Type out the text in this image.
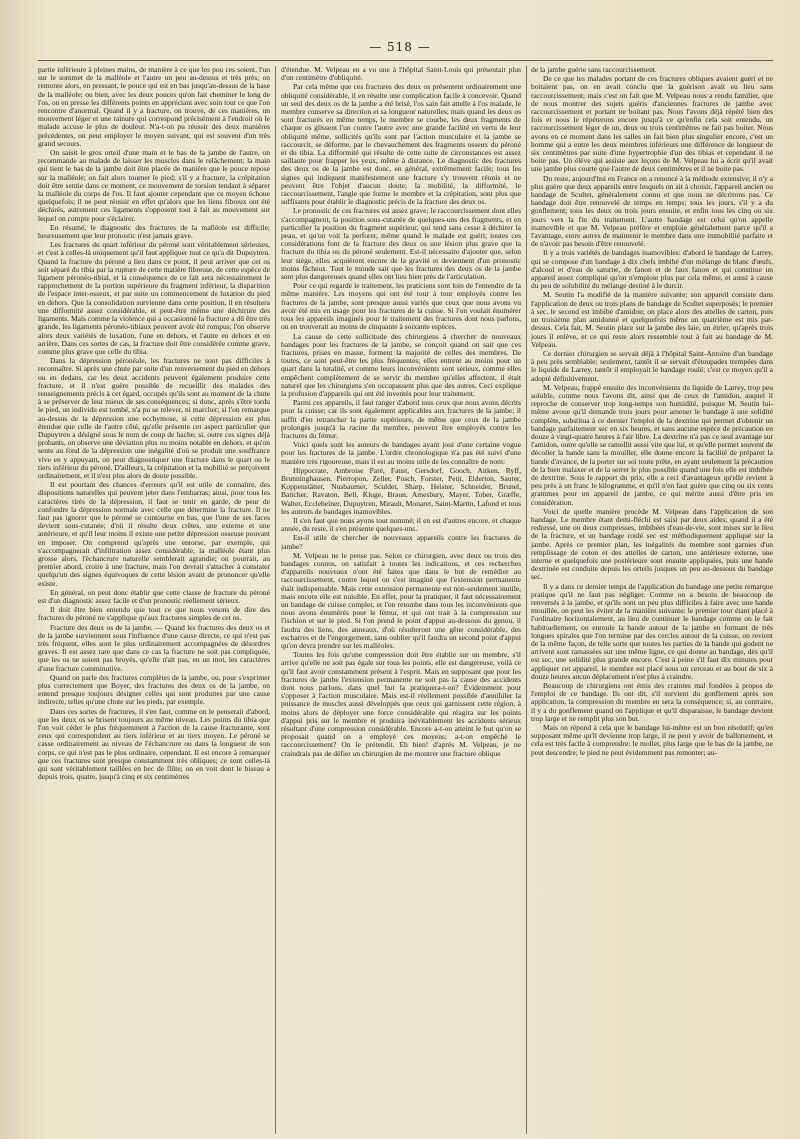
— 518 —

partie inférieure à pleines mains, de manière à ce que les pou ces soient, l'un sur le sommet de la malléole et l'autre un peu au-dessus et très près; on remonte alors, en pressant, le pouce qui est en bas jusqu'au-dessus de la base de la malléole; ou bien, avec les deux pouces qu'on fait cheminer le long de l'os, on en presse les différents points en appréciant avec soin tout ce que l'on rencontre d'anormal. Quand il y a fracture, on trouve, de ces manières, un mouvement léger et une rainure qui correspond précisément à l'endroit où le malade accuse le plus de douleur. N'a-t-on pu réussir des deux manières précédentes, on peut employer le moyen suivant, qui est souvent d'un très grand secours.

On saisit le gros orteil d'une main et le bas de la jambe de l'autre, on recommande au malade de laisser les muscles dans le relâchement; la main qui tient le bas de la jambe doit être placée de manière que le pouce repose sur la malléole; on fait alors tourner le pied; s'il y a fracture, la crépitation doit être sentie dans ce moment, ce mouvement de torsion tendant à séparer la malléole du corps de l'os. Il faut ajouter cependant que ce moyen échoue quelquefois; il ne peut réussir en effet qu'alors que les liens fibreux ont été déchirés, autrement ces ligaments s'opposent tout à fait au mouvement sur lequel on compte pour s'éclairer.

En résumé, le diagnostic des fractures de la malléole est difficile; heureusement que leur pronostic n'est jamais grave.

Les fractures du quart inférieur du péroné sont véritablement sérieuses, et c'est à celles-là uniquement qu'il faut appliquer tout ce qu'a dit Dupuytren. Quand la fracture du péroné a lieu dans ce point, il peut arriver que cet os soit séparé du tibia par la rupture de cette matière fibreuse, de cette espèce de ligament péronéo-tibial, et la conséquence de ce fait sera nécessairement le rapprochement de la portion supérieure du fragment inférieur, la disparition de l'espace inter-osseux, et par suite un commencement de luxation du pied en dehors. Que la consolidation survienne dans cette position, il en résultera une difformité assez considérable, et peut-être même une déchirure des ligaments. Mais comme la violence qui a occasionné la fracture a dû être très grande, les ligaments péronéo-tibiaux peuvent avoir été rompus; l'on observe alors deux variétés de luxation, l'une en dehors, et l'autre en dehors et en arrière. Dans ces sortes de cas, la fracture doit être considérée comme grave, comme plus grave que celle du tibia.

Dans la dépression péronéale, les fractures ne sont pas difficiles à reconnaître. Si après une chute par suite d'un renversement du pied en dehors ou en dedans, car les deux accidents peuvent également produire cette fracture, et il n'est guère possible de recueillir des malades des renseignements précis à cet égard, occupés qu'ils sont au moment de la chute à se préserver de leur mieux de ses conséquences; si donc, après s'être tordu le pied, un individu est tombé, n'a pu se relever, ni marcher; si l'on remarque au-dessus de la dépression une ecchymose, si cette dépression est plus étendue que celle de l'autre côté, qu'elle présente cet aspect particulier que Dupuytren a désigné sous le nom de coup de hache; si, outre ces signes déjà probants, on observe une déviation plus ou moins notable en dehors, et qu'on sente au fond de la dépression une inégalité d'où se produit une souffrance vive en y appuyant, on peut diagnostiquer une fracture dans le quart ou le tiers inférieur du péroné. D'ailleurs, la crépitation et la mobilité se perçoivent ordinairement, et il n'est plus alors de doute possible.

Il est pourtant des chances d'erreurs qu'il est utile de connaître, des dispositions naturelles qui peuvent jeter dans l'embarras; ainsi, pour tous les caractères tirés de la dépression, il faut se tenir en garde, de peur de confondre la dépression normale avec celle que détermine la fracture. Il ne faut pas ignorer que le péroné se contourne en bas, que l'une de ses faces devient sous-cutanée; d'où il résulte deux crêtes, une externe et une antérieure, et qu'il leur moins il existe une petite dépression osseuse pouvant en imposer. On comprend qu'après une entorse, par exemple, qui s'accompagnerait d'infiltration assez considérable, la malléole étant plus grosse alors, l'échancrure naturelle semblerait agrandie; on pourrait, au premier abord, croire à une fracture, mais l'on devrait s'attacher à constater quelqu'un des signes équivoques de cette lésion avant de prononcer qu'elle existe.

En général, on peut donc établir que cette classe de fracture du péroné est d'un diagnostic assez facile et d'un pronostic réellement sérieux.

Il doit être bien entendu que tout ce que nous venons de dire des fractures du péroné ne s'applique qu'aux fractures simples de cet os.

Fracture des deux os de la jambe. — Quand les fractures des deux os et de la jambe surviennent sous l'influence d'une cause directe, ce qui n'est pas très fréquent, elles sont le plus ordinairement accompagnées de désordres graves. Il est assez rare que dans ce cas la fracture ne soit pas compliquée, que les os ne soient pas broyés, qu'elle n'ait pas, en un mot, les caractères d'une fracture comminutive.

Quand on parle des fractures complètes de la jambe, ou, pour s'exprimer plus correctement que Boyer, des fractures des deux os de la jambe, on entend presque toujours désigner celles qui sont produites par une cause indirecte, telles qu'une chute sur les pieds, par exemple.

Dans ces sortes de fractures, il s'en faut, comme on le penserait d'abord, que les deux os se brisent toujours au même niveau. Les points du tibia que l'on voit céder le plus fréquemment à l'action de la cause fracturante, sont ceux qui correspondent au tiers inférieur et au tiers moyen. Le péroné se casse ordinairement au niveau de l'échancrure ou dans la longueur de son corps, ce qui n'est pas le plus ordinaire, cependant. Il est encore à remarquer que ces fractures sont presque constamment très obliques; ce sont celles-là qui sont véritablement taillées en bec de flûte; on en voit dont le biseau a depuis trois, quatre, jusqu'à cinq et six centimètres

d'étendue. M. Velpeau en a vu une à l'hôpital Saint-Louis qui présentait plus d'un centimètre d'obliquité.

Par cela même que ces fractures des deux os présentent ordinairement une obliquité considérable, il en résulte une complication facile à concevoir. Quand un seul des deux os de la jambe a été brisé, l'os sain fait attelle à l'os malade, le membre conserve sa direction et sa longueur naturelles; mais quand les deux os sont fracturés en même temps, le membre se courbe, les deux fragments de chaque os glissent l'un contre l'autre avec une grande facilité en vertu de leur obliquité même, sollicités qu'ils sont par l'action musculaire et la jambe se raccourcit, se déforme, par le chevauchement des fragments osseux du péroné et du tibia. La difformité qui résulte de cette suite de circonstances est assez saillante pour frapper les yeux, même à distance. Le diagnostic des fractures des deux os de la jambe est donc, en général, extrêmement facile; tous les signes qui indiquent manifestement une fracture s'y trouvent réunis et ne peuvent être l'objet d'aucun doute; la mobilité, la difformité, le raccourcissement, l'angle que forme le membre et la crépitation, sont plus que suffisants pour établir le diagnostic précis de la fracture des deux os.

Le pronostic de ces fractures est assez grave; le raccourcissement dont elles s'accompagnent, la position sous-cutanée de quelques-uns des fragments, et en particulier la position du fragment supérieur, qui tend sans cesse à déchirer la peau, et qu'on voit la perforer, même quand le malade est guéri; toutes ces considérations font de la fracture des deux os une lésion plus grave que la fracture du tibia ou du péroné seulement. Est-il nécessaire d'ajouter que, selon leur siège, elles acquièrent encore de la gravité et deviennent d'un pronostic moins fâcheux. Tout le monde sait que les fractures des deux os de la jambe sont plus dangereuses quand elles ont lieu bien près de l'articulation.

Pour ce qui regarde le traitement, les praticiens sont loin de l'entendre de la même manière. Les moyens qui ont été tour à tour employés contre les fractures de la jambe, sont presque aussi variés que ceux que nous avons vu avoir été mis en usage pour les fractures de la cuisse. Si l'on voulait énumérer tous les appareils imaginés pour le traitement des fractures dont nous parlons, on en trouverait au moins de cinquante à soixante espèces.

La cause de cette sollicitude des chirurgiens à chercher de nouveaux bandages pour les fractures de la jambe, se conçoit quand on sait que ces fractures, prises en masse, forment la majorité de celles des membres. De toutes, ce sont peut-être les plus fréquentes; elles entrent au moins pour un quart dans la totalité, et comme leurs inconvénients sont sérieux, comme elles empêchent complètement de se servir du membre qu'elles affectent, il était naturel que les chirurgiens s'en occupassent plus que des autres. Ceci explique la profusion d'appareils qui ont été inventés pour leur traitement.

Parmi ces appareils, il faut ranger d'abord tous ceux que nous avons décrits pour la cuisse; car ils sont également applicables aux fractures de la jambe; il suffit d'en retrancher la partie supérieure, de même que ceux de la jambe prolongés jusqu'à la racine du membre, peuvent être employés contre les fractures du fémur.

Voici quels sont les auteurs de bandages ayant joui d'une certaine vogue pour les fractures de la jambe. L'ordre chronologique n'a pas été suivi d'une manière très rigoureuse, mais il est au moins utile de les connaître de nom:

Hippocrate, Ambroise Paré, Faust, Gersdorf, Gooch, Aitken, Ryff, Brunninghausen, Pierropon, Zeller, Posch, Forster, Petit, Elderton, Sauter, Koppenstätter, Nusbaumer, Sculdet, Sharp, Heister, Schneider, Brunel, Baticher, Ravaton, Bell, Kluge, Braun, Amesbury, Mayer, Tober, Græffe, Walter, Eccleheiner, Dupuytren, Mirault, Monaret, Saint-Martin, Lafond et tous les auteurs de bandages inamovibles.

Il s'en faut que nous ayons tout nommé; il en est d'autres encore, et chaque année, du reste, il s'en présente quelques-uns.

Est-il utile de chercher de nouveaux appareils contre les fractures de jambe?

M. Velpeau ne le pense pas. Selon ce chirurgien, avec deux ou trois des bandages connus, on satisfait à toutes les indications, et ces recherches d'appareils nouveaux n'ont été faites que dans le but de remédier au raccourcissement, contre lequel on s'est imaginé que l'extension permanente était indispensable. Mais cette extension permanente est non-seulement inutile, mais encore elle est nuisible. En effet, pour la pratiquer, il faut nécessairement un bandage de cuisse complet, et l'on retombe dans tous les inconvénients que nous avons énumérés pour le fémur, et qui ont trait à la compression sur l'ischion et sur le pied. Si l'on prend le point d'appui au-dessous du genou, il faudra des liens, des anneaux, d'où résulteront une gêne considérable, des escharres et de l'engorgement, sans oublier qu'il faudra un second point d'appui qu'on devra prendre sur les malléoles.

Toutes les fois qu'une compression doit être établie sur un membre, s'il arrive qu'elle ne soit pas égale sur tous les points, elle est dangereuse, voilà ce qu'il faut avoir constamment présent à l'esprit. Mais en supposant que pour les fractures de jambe l'extension permanente ne soit pas la cause des accidents dont nous parlons, dans quel but la pratiquera-t-on? Évidemment pour s'opposer à l'action musculaire. Mais est-il réellement possible d'annihiler la puissance de muscles aussi développés que ceux qui garnissent cette région, à moins alors de déployer une force considérable qui réagira sur les points d'appui pris sur le membre et produira inévitablement les accidents sérieux résultant d'une compression considérable. Encore a-t-on atteint le but qu'on se proposait quand on a employé ces moyens; a-t-on empêché le raccourcissement? On le prétendit. Eh bien! d'après M. Velpeau, je ne craindrais pas de défier un chirurgien de me montrer une fracture oblique

de la jambe guérie sans raccourcissement.

De ce que les malades portant de ces fractures obliques avaient guéri et ne boitaient pas, on en avait conclu que la guérison avait eu lieu sans raccourcissement; mais c'est un fait que M. Velpeau nous a rendu familier, que de nous montrer des sujets guéris d'anciennes fractures de jambe avec raccourcissement et portant ne boitant pas. Nous l'avons déjà répété bien des fois et nous le répéterons encore jusqu'à ce qu'enfin cela soit entendu, un raccourcissement léger de un, deux ou trois centimètres ne fait pas boiter. Nous avons en ce moment dans les salles un fait bien plus singulier encore, c'est un homme qui a entre les deux membres inférieurs une différence de longueur de six centimètres par suite d'une hypertrophie d'un des tibias et cependant il ne boite pas. Un élève qui assiste aux leçons de M. Velpeau lui a écrit qu'il avait une jambe plus courte que l'autre de deux centimètres et il ne boite pas.

Du reste, aujourd'hui en France on a renoncé à la méthode extensive; il n'y a plus guère que deux appareils entre lesquels on ait à choisir, l'appareil ancien ou bandage de Scultet, généralement connu et que nous ne décrirons pas. Ce bandage doit être renouvelé de temps en temps; tous les jours, s'il y a du gonflement; tous les deux ou trois jours ensuite, et enfin tous les cinq ou six jours vers la fin du traitement. L'autre bandage est celui qu'on appelle inamovible et que M. Velpeau préfère et emploie généralement parce qu'il a l'avantage, entre autres de maintenir le membre dans une immobilité parfaite et de n'avoir pas besoin d'être renouvelé.

Il y a trois variétés de bandages inamovibles: d'abord le bandage de Larrey, qui se compose d'un bandage à dix chefs imbibé d'un mélange de blanc d'œufs, d'alcool et d'eau de saturne, de fanon et de faux fanon et qui constitue un appareil assez compliqué qu'on n'emploie plus par cela même, et aussi à cause du peu de solubilité du mélange destiné à le durcir.

M. Seutin l'a modifié de la manière suivante; son appareil consiste dans l'application de deux ou trois plans de bandage de Scultet superposés; le premier à sec, le second est imbibé d'amidon; on place alors des attelles de carton, puis un troisième plan amidonné et quelquefois même un quatrième est mis par-dessus. Cela fait, M. Seutin place sur la jambe des laie, un étrier, qu'après trois jours il enlève, et ce qui reste alors ressemble tout à fait au bandage de M. Velpeau.

Ce dernier chirurgien se servait déjà à l'hôpital Saint-Antoine d'un bandage à peu près semblable; seulement, tantôt il se servait d'étoupades trempées dans le liquide de Larrey, tantôt il employait le bandage roulé; c'est ce moyen qu'il a adopté définitivement.

M. Velpeau, frappé ensuite des inconvénients du liquide de Larrey, trop peu soluble, comme nous l'avons dit, ainsi que de ceux de l'amidon, auquel il reproche de conserver trop long-temps son humidité, puisque M. Seutin lui-même avoue qu'il demande trois jours pour amener le bandage à une solidité complète, substitua à ce dernier l'emploi de la dextrine qui permet d'obtenir un bandage parfaitement sec en six heures, et sans aucune espèce de précaution en douze à vingt-quatre heures à l'air libre. La dextrine n'a pas ce seul avantage sur l'amidon, outre qu'elle se ramollit aussi vite que lui, et qu'elle permet souvent de décoller la bande sans la mouiller, elle donne encore la facilité de préparer la bande d'avance, de la porter sur soi toute prête, en ayant seulement la précaution de la bien malaxer et de la serrer le plus possible quand une fois elle est imbibée de dextrine. Sous le rapport du prix, elle a ceci d'avantageux qu'elle revient à peu près à un franc le kilogramme, et qu'il n'en faut guère que cinq ou six cents grammes pour un appareil de jambe, ce qui mérite aussi d'être pris en considération.

Voici de quelle manière procède M. Velpeau dans l'application de son bandage. Le membre étant demi-fléchi est saisi par deux aides; quand il a été redressé, une ou deux compresses, imbibées d'eau-de-vie, sont mises sur le lieu de la fracture, et un bandage roulé sec est méthodiquement appliqué sur la jambe. Après ce premier plan, les inégalités du membre sont garnies d'un remplissage de coton et des attelles de carton, une antérieure externe, une interne et quelquefois une postérieure sont ensuite appliquées, puis une bande dextrinée est conduite depuis les orteils jusques un peu au-dessous du bandage sec.

Il y a dans ce dernier temps de l'application du bandage une petite remarque pratique qu'il ne faut pas négliger. Comme on a besoin de beaucoup de renversés à la jambe, et qu'ils sont un peu plus difficiles à faire avec une bande mouillée, on peut les éviter de la manière suivante: le premier tour étant placé à l'ordinaire horizontalement, au lieu de continuer le bandage comme on le fait habituellement, on enroule la bande autour de la jambe en formant de très longues spirales que l'on termine par des cercles autour de la cuisse, on revient de la même façon, de telle sorte que toutes les parties de la bande qui godent ne arrivent sont ramassées sur une même ligne, ce qui donne au bandage, dès qu'il est sec, une solidité plus grande encore. C'est à peine s'il faut dix minutes pour appliquer cet appareil, le membre est placé sous un cerceau et au bout de six à douze heures aucun déplacement n'est plus à craindre.

Beaucoup de chirurgiens ont émis des craintes mal fondées à propos de l'emploi de ce bandage. Ils ont dit, s'il survient du gonflement après son application, la compression du membre en sera la conséquence; si, au contraire, il y a du gonflement quand on l'applique et qu'il disparaisse, le bandage devient trop large et ne remplit plus son but.

Mais on répond à cela que le bandage lui-même est un bon résolutif; qu'en supposant même qu'il devienne trop large, il ne peut y avoir de ballottement, et cela est très facile à comprendre: le mollet, plus large que le bas de la jambe, ne peut descendre; le pied ne peut évidemment pas remonter; au-
